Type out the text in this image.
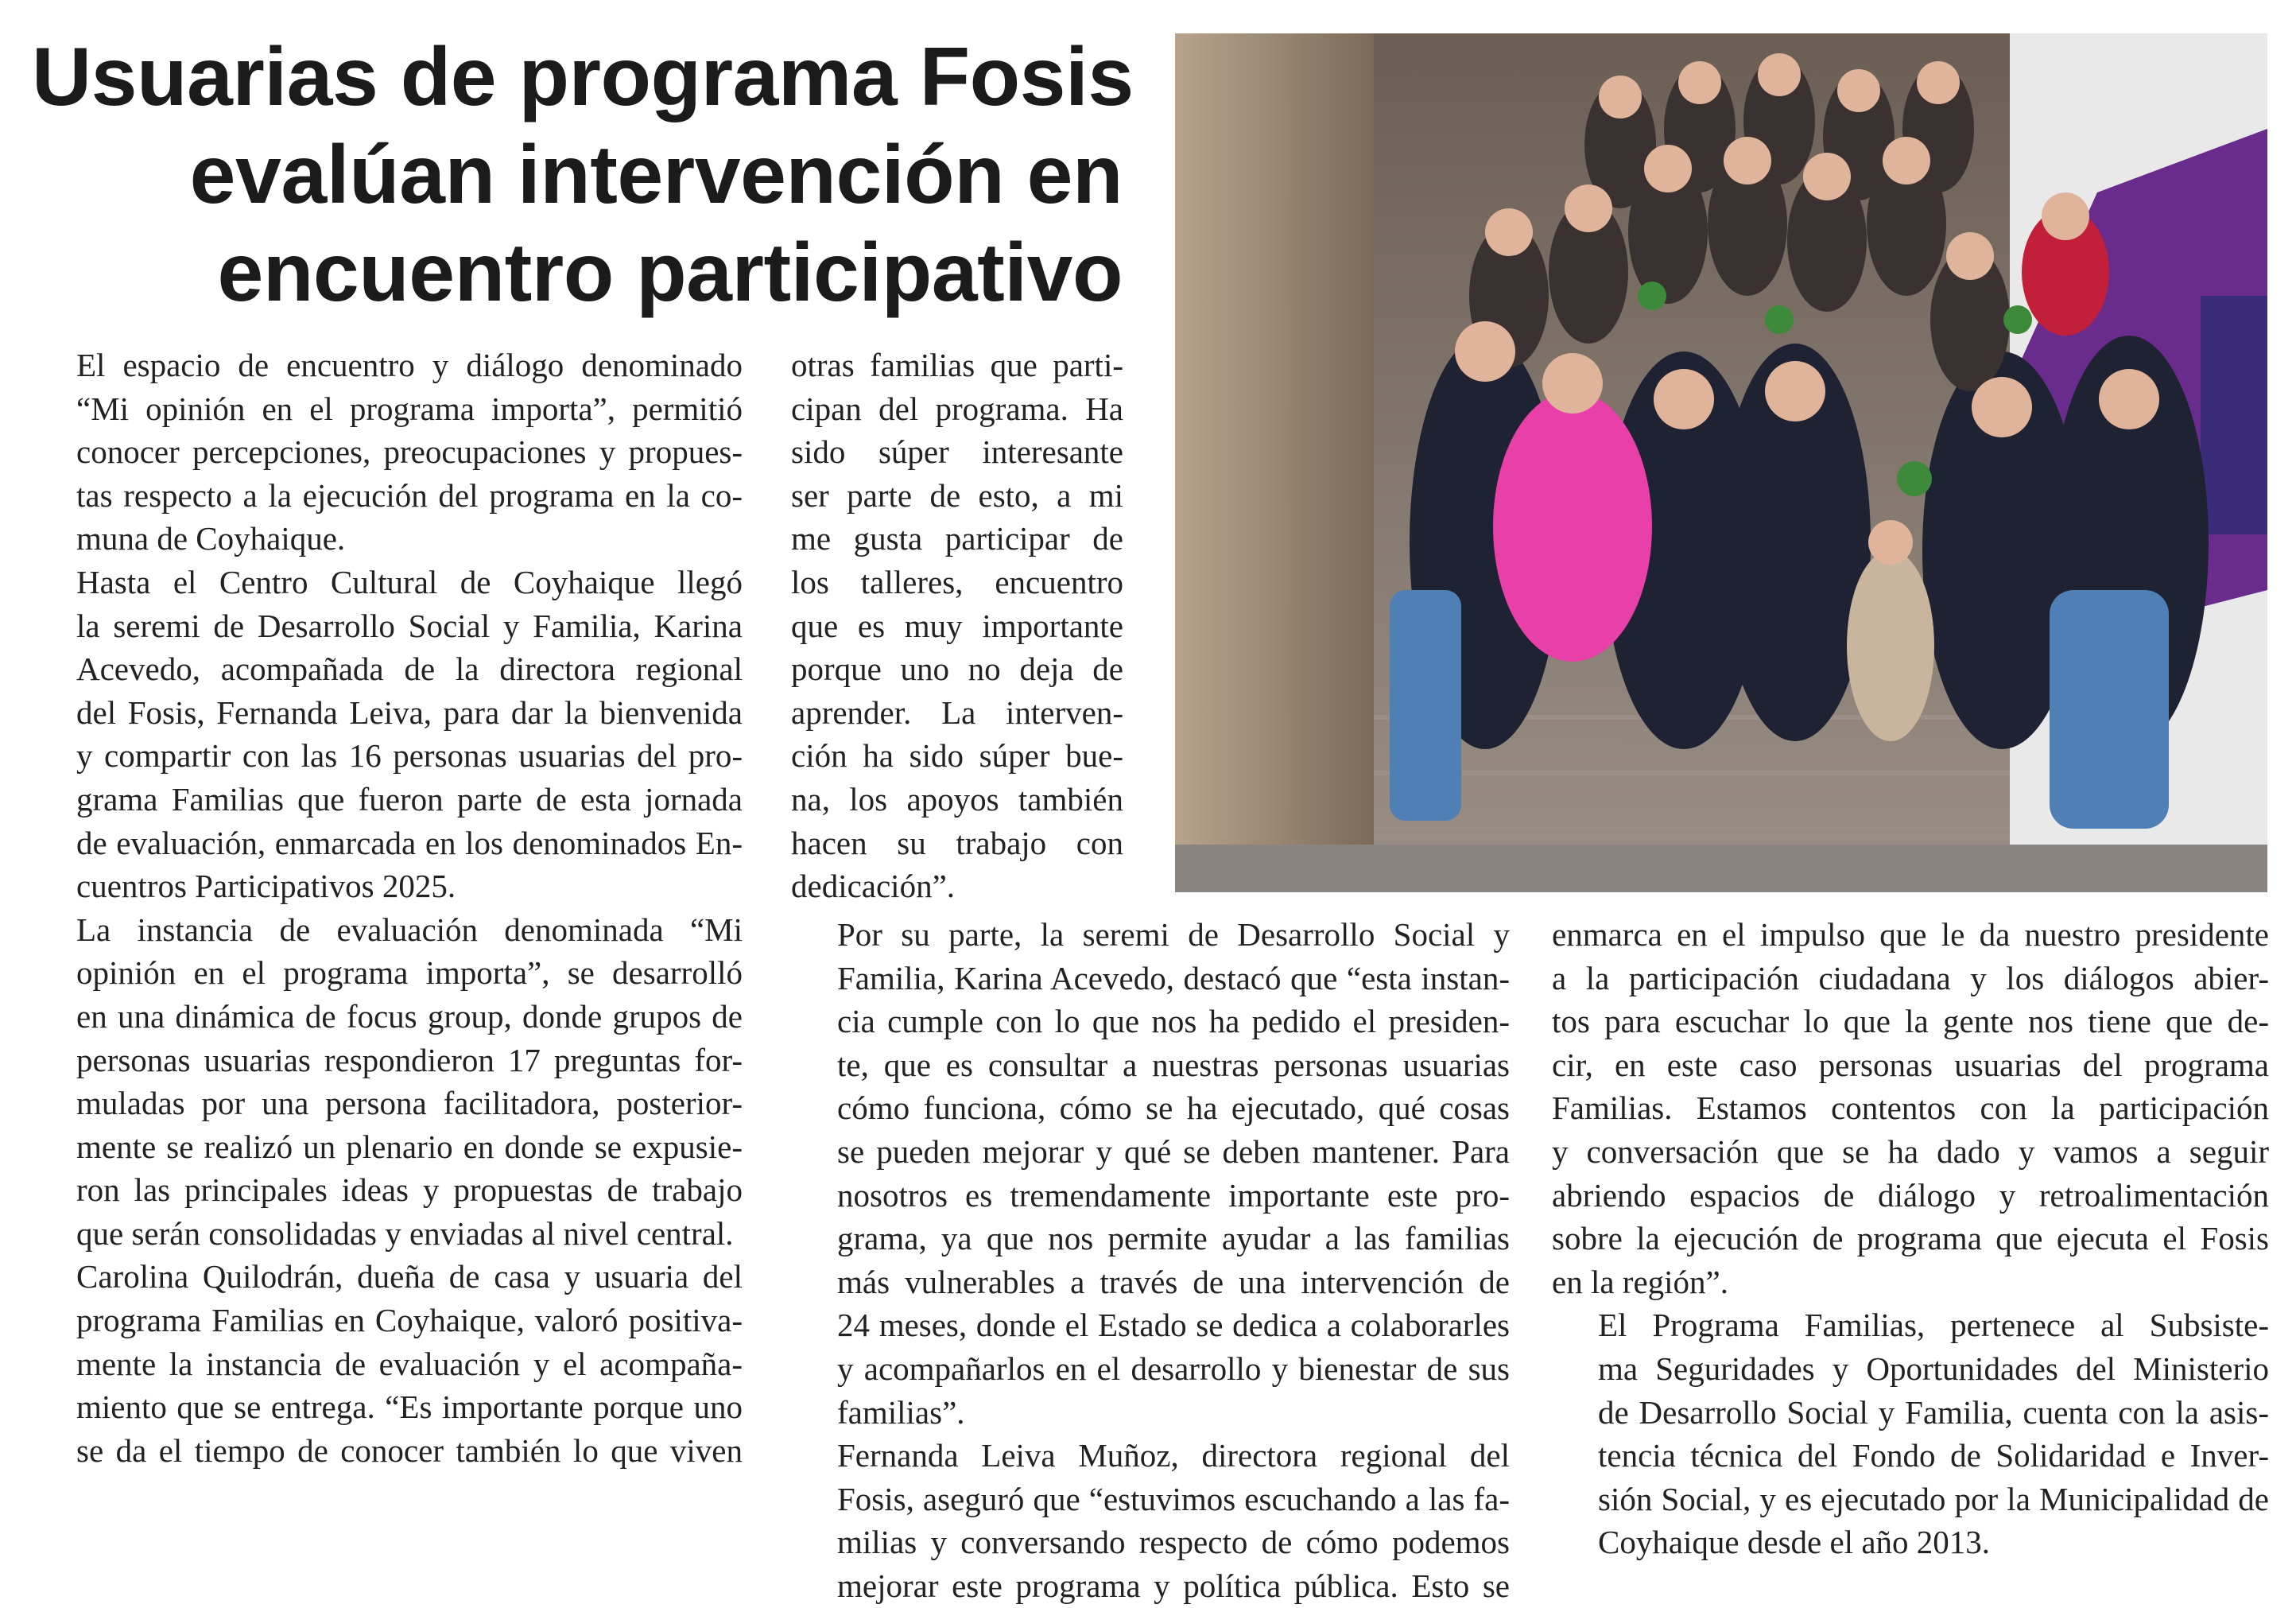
Usuarias de programa Fosis
evalúan intervención en
encuentro participativo

El espacio de encuentro y diálogo denominado
“Mi opinión en el programa importa”, permitió
conocer percepciones, preocupaciones y propues-
tas respecto a la ejecución del programa en la co-
muna de Coyhaique.

Hasta el Centro Cultural de Coyhaique llegó
la seremi de Desarrollo Social y Familia, Karina
Acevedo, acompañada de la directora regional
del Fosis, Fernanda Leiva, para dar la bienvenida
y compartir con las 16 personas usuarias del pro-
grama Familias que fueron parte de esta jornada
de evaluación, enmarcada en los denominados En-
cuentros Participativos 2025.

La instancia de evaluación denominada “Mi
opinión en el programa importa”, se desarrolló
en una dinámica de focus group, donde grupos de
personas usuarias respondieron 17 preguntas for-
muladas por una persona facilitadora, posterior-
mente se realizó un plenario en donde se expusie-
ron las principales ideas y propuestas de trabajo
que serán consolidadas y enviadas al nivel central.

Carolina Quilodrán, dueña de casa y usuaria del
programa Familias en Coyhaique, valoró positiva-
mente la instancia de evaluación y el acompaña-
miento que se entrega. “Es importante porque uno
se da el tiempo de conocer también lo que viven

otras familias que parti-
cipan del programa. Ha
sido súper interesante
ser parte de esto, a mi
me gusta participar de
los talleres, encuentro
que es muy importante
porque uno no deja de
aprender. La interven-
ción ha sido súper bue-
na, los apoyos también
hacen su trabajo con
dedicación”.

Por su parte, la seremi de Desarrollo Social y
Familia, Karina Acevedo, destacó que “esta instan-
cia cumple con lo que nos ha pedido el presiden-
te, que es consultar a nuestras personas usuarias
cómo funciona, cómo se ha ejecutado, qué cosas
se pueden mejorar y qué se deben mantener. Para
nosotros es tremendamente importante este pro-
grama, ya que nos permite ayudar a las familias
más vulnerables a través de una intervención de
24 meses, donde el Estado se dedica a colaborarles
y acompañarlos en el desarrollo y bienestar de sus
familias”.

Fernanda Leiva Muñoz, directora regional del
Fosis, aseguró que “estuvimos escuchando a las fa-
milias y conversando respecto de cómo podemos
mejorar este programa y política pública. Esto se

enmarca en el impulso que le da nuestro presidente
a la participación ciudadana y los diálogos abier-
tos para escuchar lo que la gente nos tiene que de-
cir, en este caso personas usuarias del programa
Familias. Estamos contentos con la participación
y conversación que se ha dado y vamos a seguir
abriendo espacios de diálogo y retroalimentación
sobre la ejecución de programa que ejecuta el Fosis
en la región”.

El Programa Familias, pertenece al Subsiste-
ma Seguridades y Oportunidades del Ministerio
de Desarrollo Social y Familia, cuenta con la asis-
tencia técnica del Fondo de Solidaridad e Inver-
sión Social, y es ejecutado por la Municipalidad de
Coyhaique desde el año 2013.
